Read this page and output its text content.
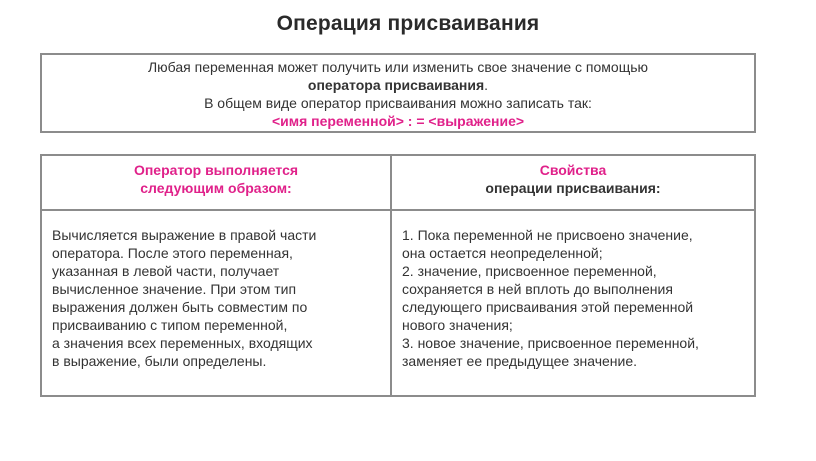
Операция присваивания
Любая переменная может получить или изменить свое значение с помощью
оператора присваивания.
В общем виде оператор присваивания можно записать так:
<имя переменной> : = <выражение>
Оператор выполняется
следующим образом:
Свойства
операции присваивания:
Вычисляется выражение в правой части
оператора. После этого переменная,
указанная в левой части, получает
вычисленное значение. При этом тип
выражения должен быть совместим по
присваиванию с типом переменной,
а значения всех переменных, входящих
в выражение, были определены.
1. Пока переменной не присвоено значение,
она остается неопределенной;
2. значение, присвоенное переменной,
сохраняется в ней вплоть до выполнения
следующего присваивания этой переменной
нового значения;
3. новое значение, присвоенное переменной,
заменяет ее предыдущее значение.
